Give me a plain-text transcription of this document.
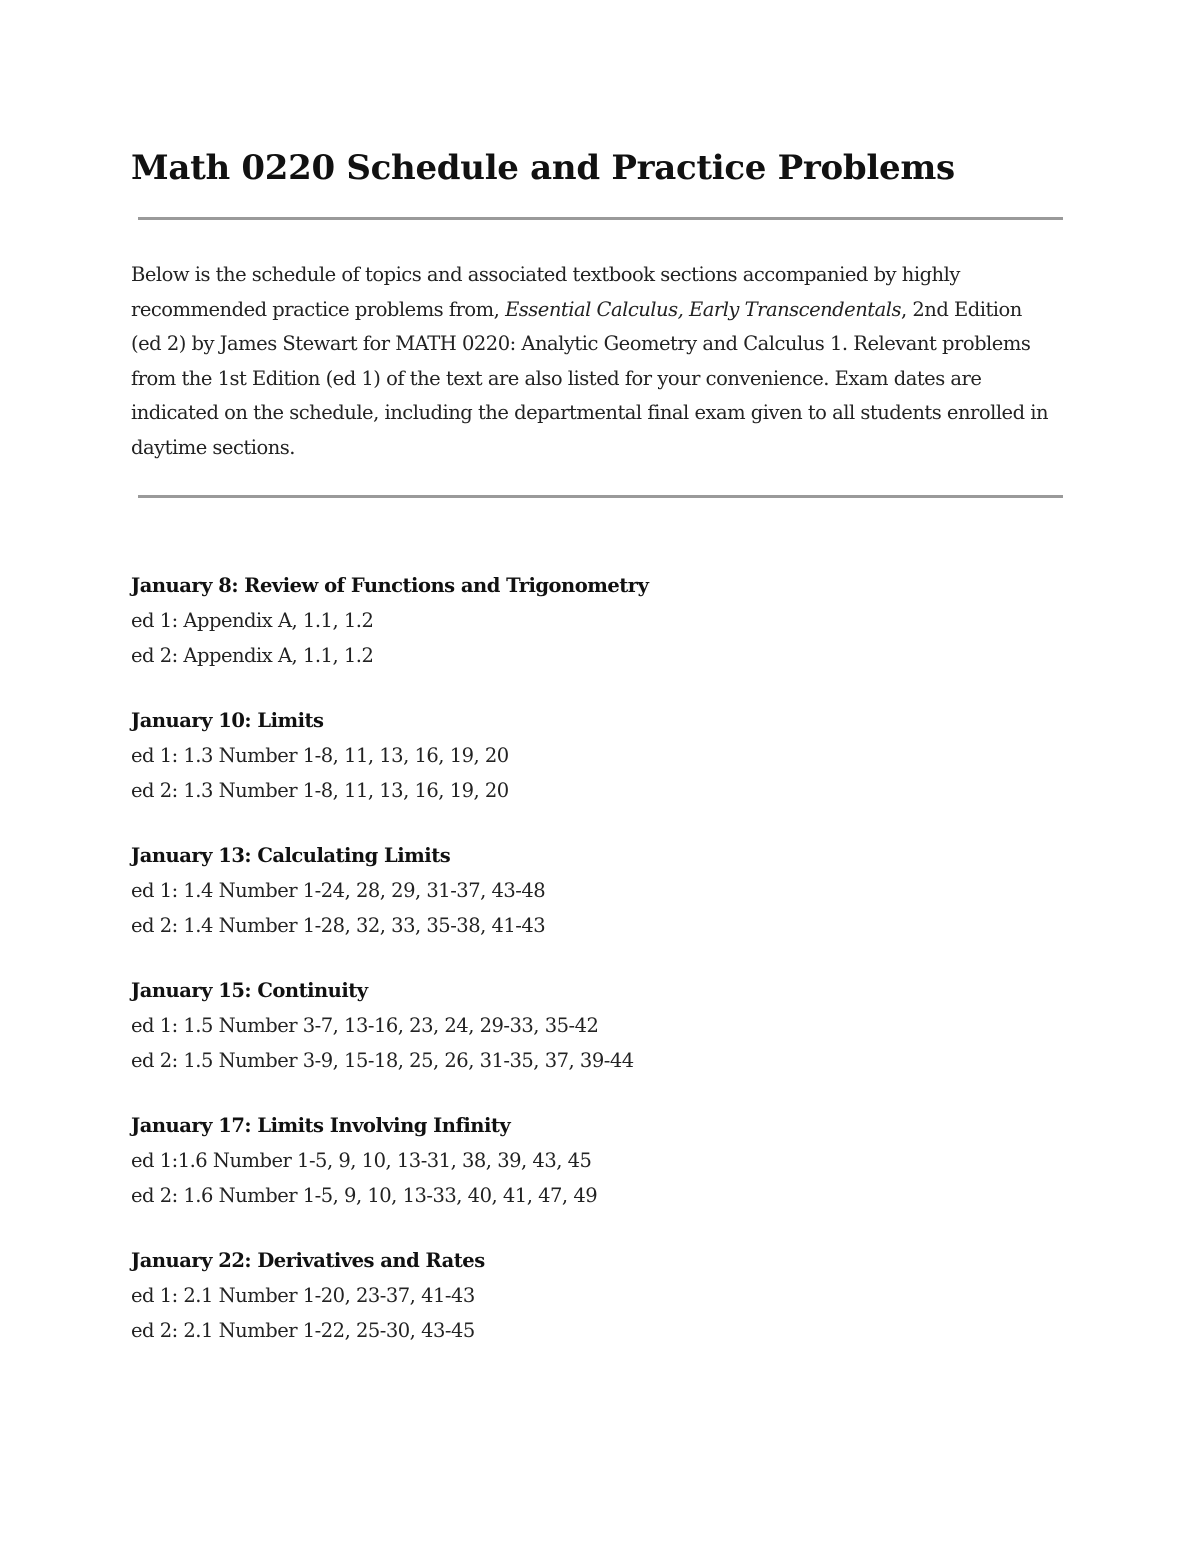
Math 0220 Schedule and Practice Problems

Below is the schedule of topics and associated textbook sections accompanied by highly recommended practice problems from, Essential Calculus, Early Transcendentals, 2nd Edition (ed 2) by James Stewart for MATH 0220: Analytic Geometry and Calculus 1. Relevant problems from the 1st Edition (ed 1) of the text are also listed for your convenience. Exam dates are indicated on the schedule, including the departmental final exam given to all students enrolled in daytime sections.

January 8: Review of Functions and Trigonometry
ed 1: Appendix A, 1.1, 1.2
ed 2: Appendix A, 1.1, 1.2
January 10: Limits
ed 1: 1.3 Number 1-8, 11, 13, 16, 19, 20
ed 2: 1.3 Number 1-8, 11, 13, 16, 19, 20
January 13: Calculating Limits
ed 1: 1.4 Number 1-24, 28, 29, 31-37, 43-48
ed 2: 1.4 Number 1-28, 32, 33, 35-38, 41-43
January 15: Continuity
ed 1: 1.5 Number 3-7, 13-16, 23, 24, 29-33, 35-42
ed 2: 1.5 Number 3-9, 15-18, 25, 26, 31-35, 37, 39-44
January 17: Limits Involving Infinity
ed 1:1.6 Number 1-5, 9, 10, 13-31, 38, 39, 43, 45
ed 2: 1.6 Number 1-5, 9, 10, 13-33, 40, 41, 47, 49
January 22: Derivatives and Rates
ed 1: 2.1 Number 1-20, 23-37, 41-43
ed 2: 2.1 Number 1-22, 25-30, 43-45
